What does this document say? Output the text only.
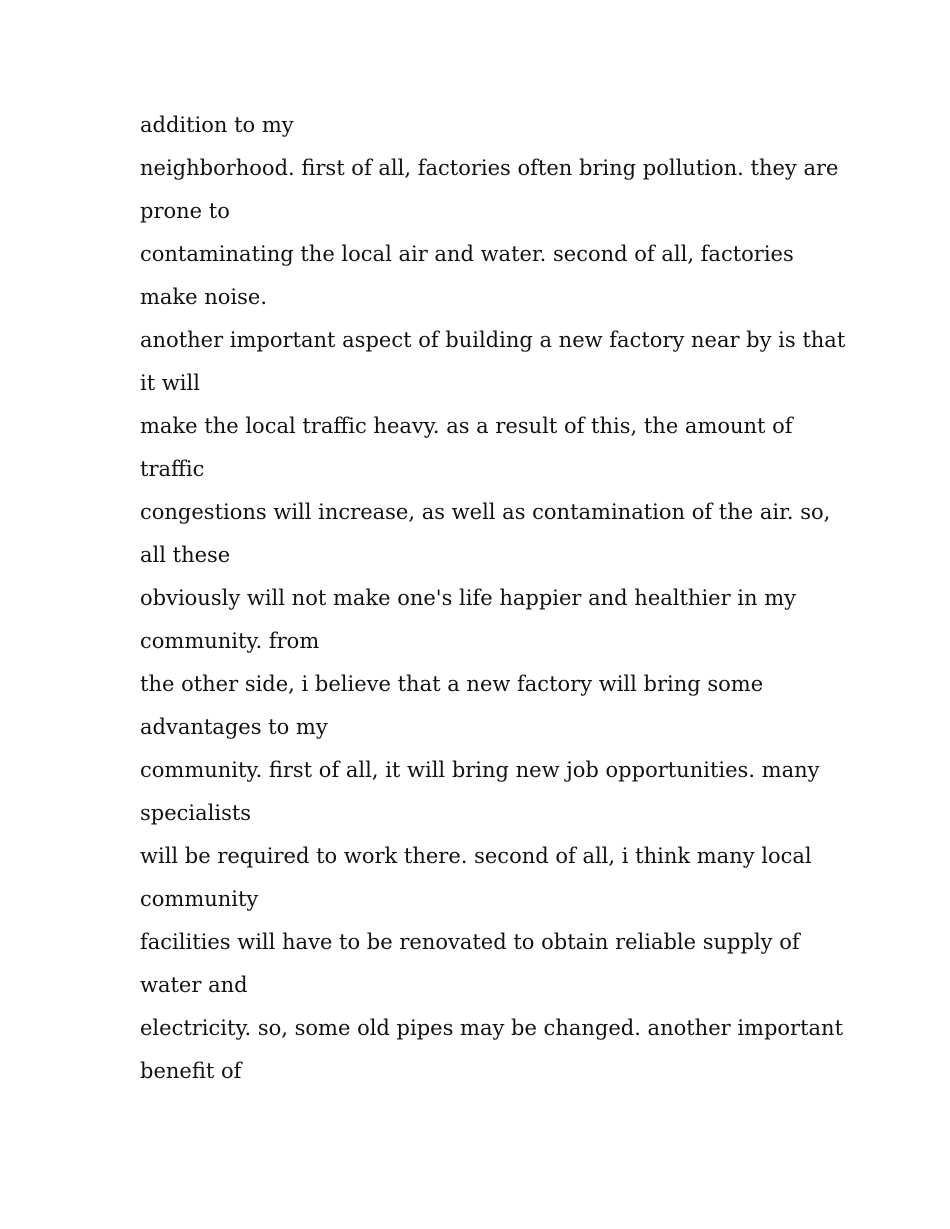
addition to my
neighborhood. first of all, factories often bring pollution. they are
prone to
contaminating the local air and water. second of all, factories
make noise.
another important aspect of building a new factory near by is that
it will
make the local traffic heavy. as a result of this, the amount of
traffic
congestions will increase, as well as contamination of the air. so,
all these
obviously will not make one's life happier and healthier in my
community. from
the other side, i believe that a new factory will bring some
advantages to my
community. first of all, it will bring new job opportunities. many
specialists
will be required to work there. second of all, i think many local
community
facilities will have to be renovated to obtain reliable supply of
water and
electricity. so, some old pipes may be changed. another important
benefit of
